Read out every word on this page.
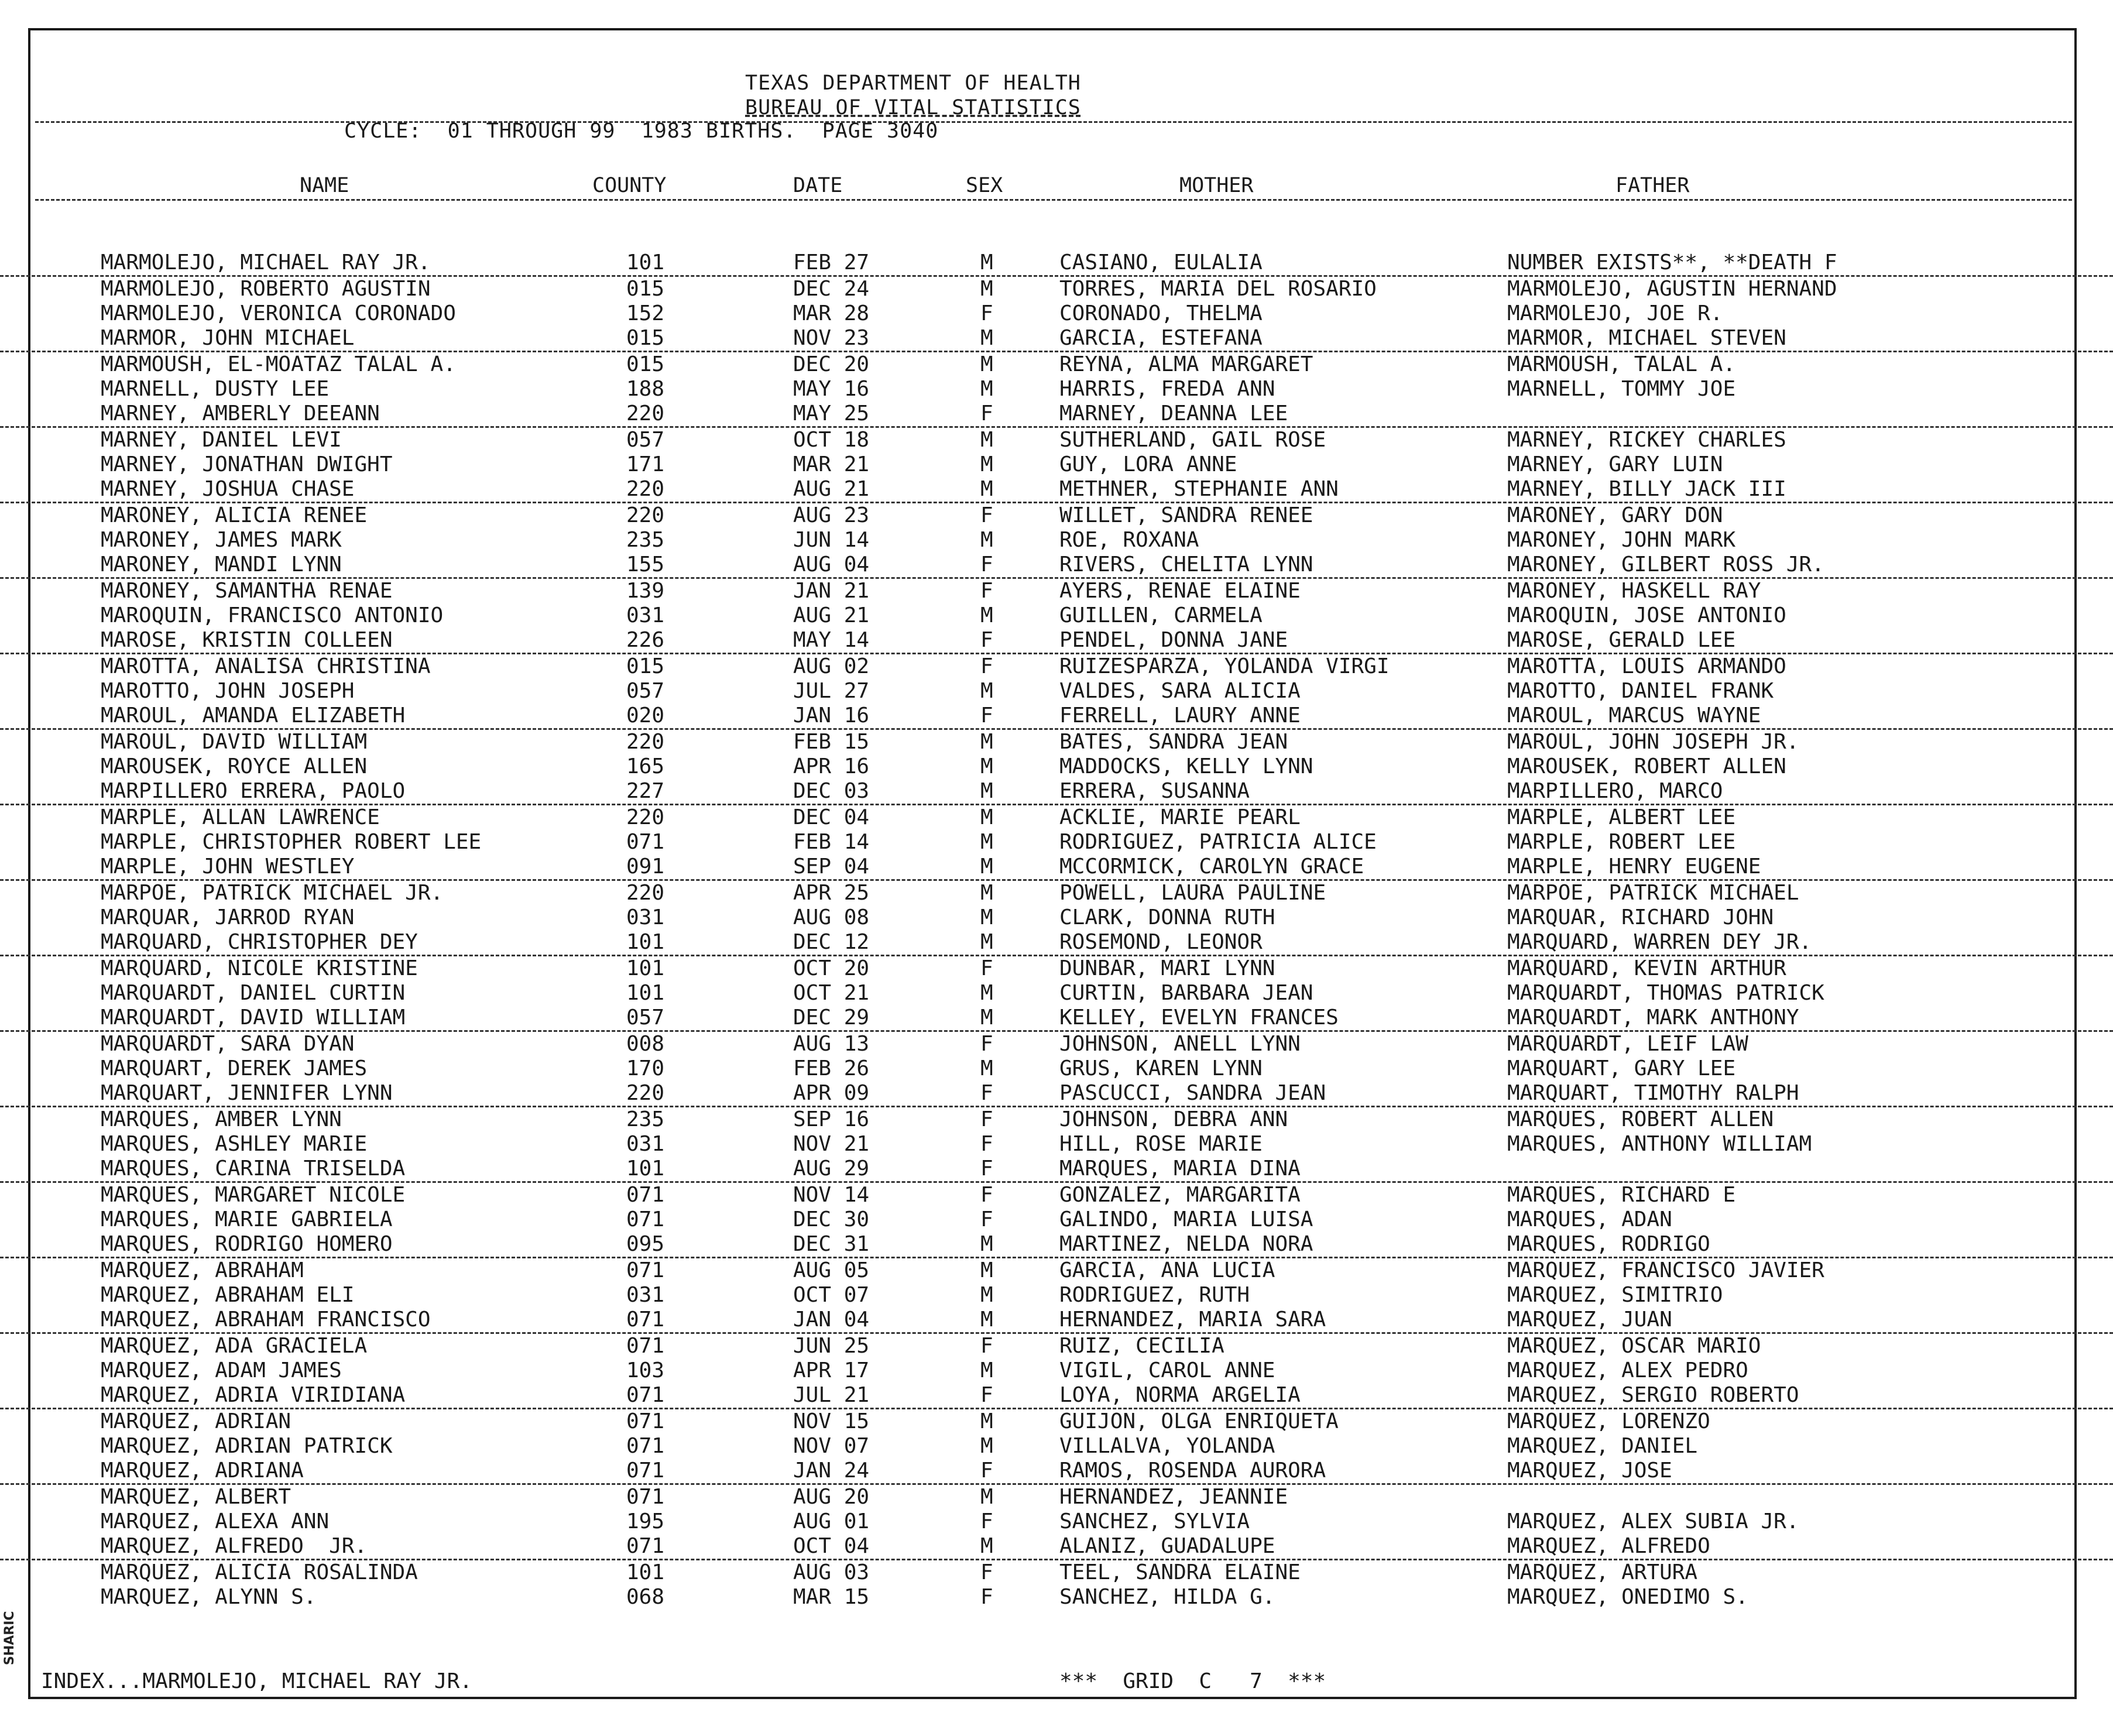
SHARIC
TEXAS DEPARTMENT OF HEALTH
BUREAU OF VITAL STATISTICS
CYCLE:  01 THROUGH 99  1983 BIRTHS.  PAGE 3040
NAME	COUNTY	DATE	SEX	MOTHER	FATHER
MARMOLEJO, MICHAEL RAY JR.	101	FEB 27	M	CASIANO, EULALIA	NUMBER EXISTS**, **DEATH F
MARMOLEJO, ROBERTO AGUSTIN	015	DEC 24	M	TORRES, MARIA DEL ROSARIO	MARMOLEJO, AGUSTIN HERNAND
MARMOLEJO, VERONICA CORONADO	152	MAR 28	F	CORONADO, THELMA	MARMOLEJO, JOE R.
MARMOR, JOHN MICHAEL	015	NOV 23	M	GARCIA, ESTEFANA	MARMOR, MICHAEL STEVEN
MARMOUSH, EL-MOATAZ TALAL A.	015	DEC 20	M	REYNA, ALMA MARGARET	MARMOUSH, TALAL A.
MARNELL, DUSTY LEE	188	MAY 16	M	HARRIS, FREDA ANN	MARNELL, TOMMY JOE
MARNEY, AMBERLY DEEANN	220	MAY 25	F	MARNEY, DEANNA LEE
MARNEY, DANIEL LEVI	057	OCT 18	M	SUTHERLAND, GAIL ROSE	MARNEY, RICKEY CHARLES
MARNEY, JONATHAN DWIGHT	171	MAR 21	M	GUY, LORA ANNE	MARNEY, GARY LUIN
MARNEY, JOSHUA CHASE	220	AUG 21	M	METHNER, STEPHANIE ANN	MARNEY, BILLY JACK III
MARONEY, ALICIA RENEE	220	AUG 23	F	WILLET, SANDRA RENEE	MARONEY, GARY DON
MARONEY, JAMES MARK	235	JUN 14	M	ROE, ROXANA	MARONEY, JOHN MARK
MARONEY, MANDI LYNN	155	AUG 04	F	RIVERS, CHELITA LYNN	MARONEY, GILBERT ROSS JR.
MARONEY, SAMANTHA RENAE	139	JAN 21	F	AYERS, RENAE ELAINE	MARONEY, HASKELL RAY
MAROQUIN, FRANCISCO ANTONIO	031	AUG 21	M	GUILLEN, CARMELA	MAROQUIN, JOSE ANTONIO
MAROSE, KRISTIN COLLEEN	226	MAY 14	F	PENDEL, DONNA JANE	MAROSE, GERALD LEE
MAROTTA, ANALISA CHRISTINA	015	AUG 02	F	RUIZESPARZA, YOLANDA VIRGI	MAROTTA, LOUIS ARMANDO
MAROTTO, JOHN JOSEPH	057	JUL 27	M	VALDES, SARA ALICIA	MAROTTO, DANIEL FRANK
MAROUL, AMANDA ELIZABETH	020	JAN 16	F	FERRELL, LAURY ANNE	MAROUL, MARCUS WAYNE
MAROUL, DAVID WILLIAM	220	FEB 15	M	BATES, SANDRA JEAN	MAROUL, JOHN JOSEPH JR.
MAROUSEK, ROYCE ALLEN	165	APR 16	M	MADDOCKS, KELLY LYNN	MAROUSEK, ROBERT ALLEN
MARPILLERO ERRERA, PAOLO	227	DEC 03	M	ERRERA, SUSANNA	MARPILLERO, MARCO
MARPLE, ALLAN LAWRENCE	220	DEC 04	M	ACKLIE, MARIE PEARL	MARPLE, ALBERT LEE
MARPLE, CHRISTOPHER ROBERT LEE	071	FEB 14	M	RODRIGUEZ, PATRICIA ALICE	MARPLE, ROBERT LEE
MARPLE, JOHN WESTLEY	091	SEP 04	M	MCCORMICK, CAROLYN GRACE	MARPLE, HENRY EUGENE
MARPOE, PATRICK MICHAEL JR.	220	APR 25	M	POWELL, LAURA PAULINE	MARPOE, PATRICK MICHAEL
MARQUAR, JARROD RYAN	031	AUG 08	M	CLARK, DONNA RUTH	MARQUAR, RICHARD JOHN
MARQUARD, CHRISTOPHER DEY	101	DEC 12	M	ROSEMOND, LEONOR	MARQUARD, WARREN DEY JR.
MARQUARD, NICOLE KRISTINE	101	OCT 20	F	DUNBAR, MARI LYNN	MARQUARD, KEVIN ARTHUR
MARQUARDT, DANIEL CURTIN	101	OCT 21	M	CURTIN, BARBARA JEAN	MARQUARDT, THOMAS PATRICK
MARQUARDT, DAVID WILLIAM	057	DEC 29	M	KELLEY, EVELYN FRANCES	MARQUARDT, MARK ANTHONY
MARQUARDT, SARA DYAN	008	AUG 13	F	JOHNSON, ANELL LYNN	MARQUARDT, LEIF LAW
MARQUART, DEREK JAMES	170	FEB 26	M	GRUS, KAREN LYNN	MARQUART, GARY LEE
MARQUART, JENNIFER LYNN	220	APR 09	F	PASCUCCI, SANDRA JEAN	MARQUART, TIMOTHY RALPH
MARQUES, AMBER LYNN	235	SEP 16	F	JOHNSON, DEBRA ANN	MARQUES, ROBERT ALLEN
MARQUES, ASHLEY MARIE	031	NOV 21	F	HILL, ROSE MARIE	MARQUES, ANTHONY WILLIAM
MARQUES, CARINA TRISELDA	101	AUG 29	F	MARQUES, MARIA DINA
MARQUES, MARGARET NICOLE	071	NOV 14	F	GONZALEZ, MARGARITA	MARQUES, RICHARD E
MARQUES, MARIE GABRIELA	071	DEC 30	F	GALINDO, MARIA LUISA	MARQUES, ADAN
MARQUES, RODRIGO HOMERO	095	DEC 31	M	MARTINEZ, NELDA NORA	MARQUES, RODRIGO
MARQUEZ, ABRAHAM	071	AUG 05	M	GARCIA, ANA LUCIA	MARQUEZ, FRANCISCO JAVIER
MARQUEZ, ABRAHAM ELI	031	OCT 07	M	RODRIGUEZ, RUTH	MARQUEZ, SIMITRIO
MARQUEZ, ABRAHAM FRANCISCO	071	JAN 04	M	HERNANDEZ, MARIA SARA	MARQUEZ, JUAN
MARQUEZ, ADA GRACIELA	071	JUN 25	F	RUIZ, CECILIA	MARQUEZ, OSCAR MARIO
MARQUEZ, ADAM JAMES	103	APR 17	M	VIGIL, CAROL ANNE	MARQUEZ, ALEX PEDRO
MARQUEZ, ADRIA VIRIDIANA	071	JUL 21	F	LOYA, NORMA ARGELIA	MARQUEZ, SERGIO ROBERTO
MARQUEZ, ADRIAN	071	NOV 15	M	GUIJON, OLGA ENRIQUETA	MARQUEZ, LORENZO
MARQUEZ, ADRIAN PATRICK	071	NOV 07	M	VILLALVA, YOLANDA	MARQUEZ, DANIEL
MARQUEZ, ADRIANA	071	JAN 24	F	RAMOS, ROSENDA AURORA	MARQUEZ, JOSE
MARQUEZ, ALBERT	071	AUG 20	M	HERNANDEZ, JEANNIE
MARQUEZ, ALEXA ANN	195	AUG 01	F	SANCHEZ, SYLVIA	MARQUEZ, ALEX SUBIA JR.
MARQUEZ, ALFREDO  JR.	071	OCT 04	M	ALANIZ, GUADALUPE	MARQUEZ, ALFREDO
MARQUEZ, ALICIA ROSALINDA	101	AUG 03	F	TEEL, SANDRA ELAINE	MARQUEZ, ARTURA
MARQUEZ, ALYNN S.	068	MAR 15	F	SANCHEZ, HILDA G.	MARQUEZ, ONEDIMO S.
INDEX...MARMOLEJO, MICHAEL RAY JR.	***  GRID  C   7  ***
